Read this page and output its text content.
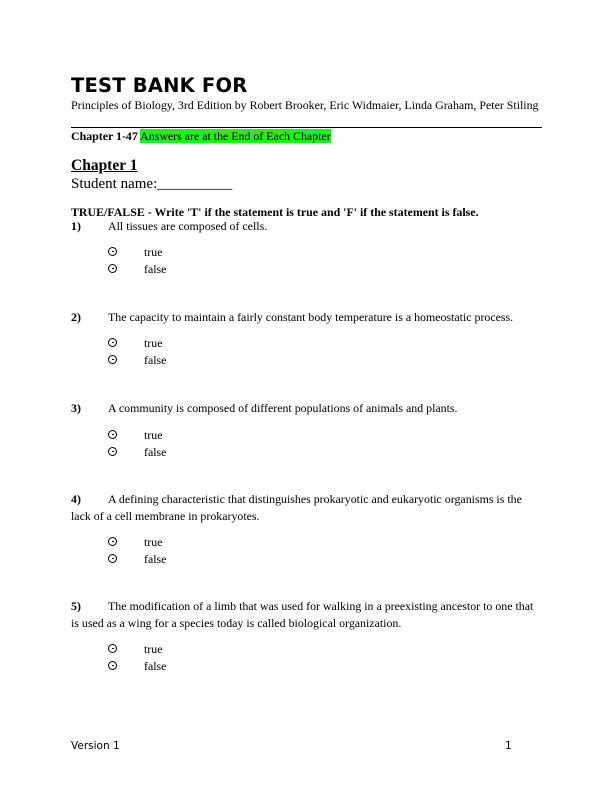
TEST BANK FOR
Principles of Biology, 3rd Edition by Robert Brooker, Eric Widmaier, Linda Graham, Peter Stiling
Chapter 1-47 Answers are at the End of Each Chapter
Chapter 1
Student name:__________
TRUE/FALSE - Write 'T' if the statement is true and 'F' if the statement is false.
1) All tissues are composed of cells.
true
false
2) The capacity to maintain a fairly constant body temperature is a homeostatic process.
true
false
3) A community is composed of different populations of animals and plants.
true
false
4) A defining characteristic that distinguishes prokaryotic and eukaryotic organisms is the lack of a cell membrane in prokaryotes.
true
false
5) The modification of a limb that was used for walking in a preexisting ancestor to one that is used as a wing for a species today is called biological organization.
true
false
Version 1	1
